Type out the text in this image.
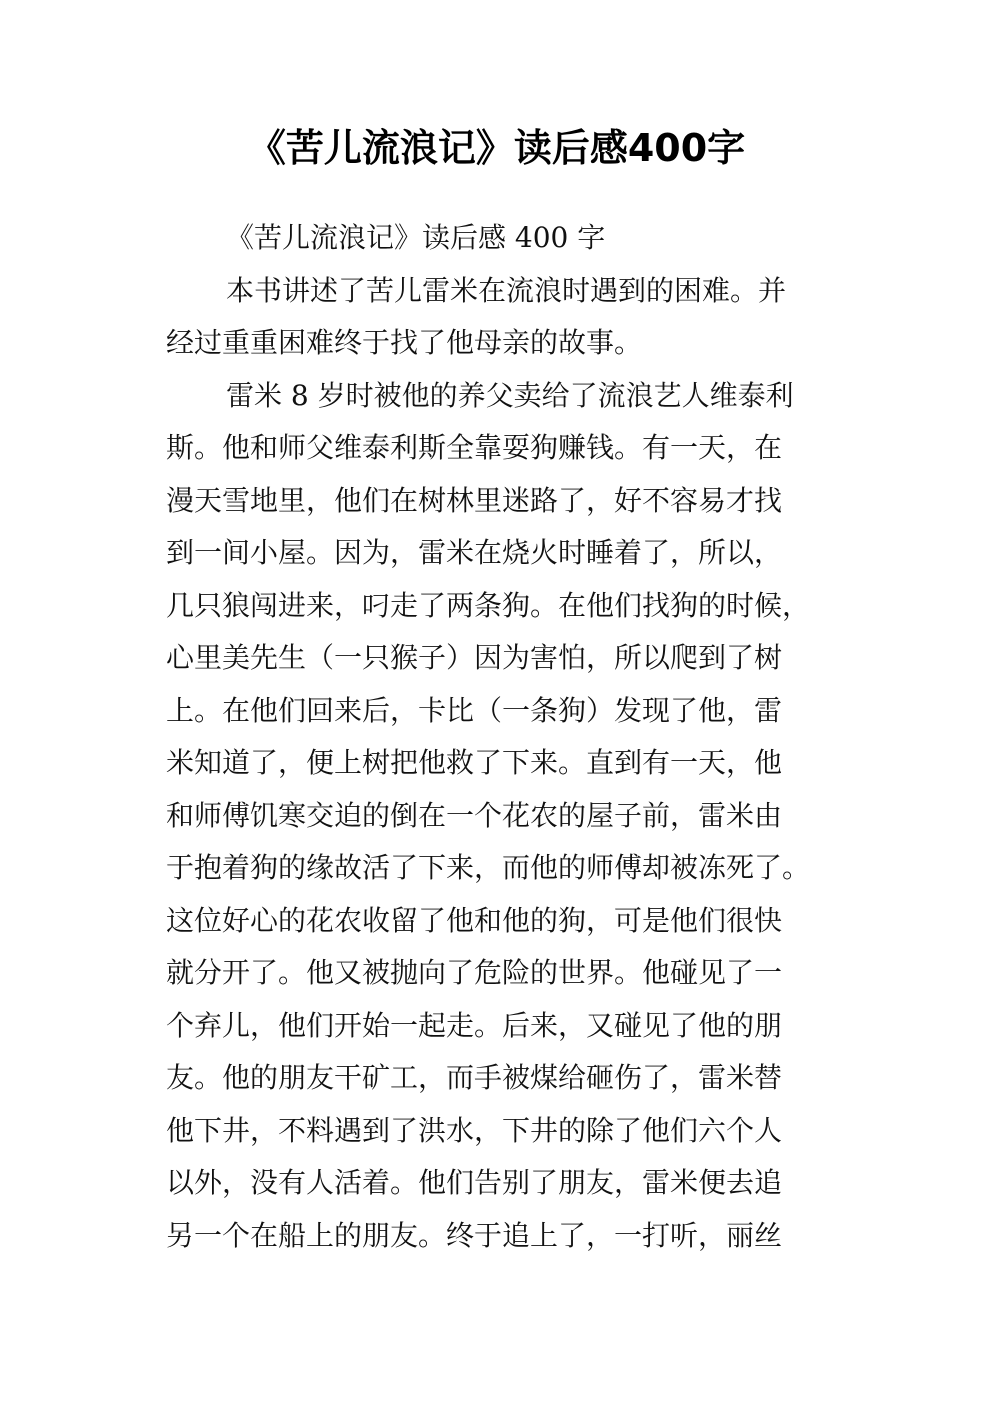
《苦儿流浪记》读后感400字
《苦儿流浪记》读后感 400 字
本书讲述了苦儿雷米在流浪时遇到的困难。并
经过重重困难终于找了他母亲的故事。
雷米 8 岁时被他的养父卖给了流浪艺人维泰利
斯。他和师父维泰利斯全靠耍狗赚钱。有一天，在
漫天雪地里，他们在树林里迷路了，好不容易才找
到一间小屋。因为，雷米在烧火时睡着了，所以，
几只狼闯进来，叼走了两条狗。在他们找狗的时候，
心里美先生（一只猴子）因为害怕，所以爬到了树
上。在他们回来后，卡比（一条狗）发现了他，雷
米知道了，便上树把他救了下来。直到有一天，他
和师傅饥寒交迫的倒在一个花农的屋子前，雷米由
于抱着狗的缘故活了下来，而他的师傅却被冻死了。
这位好心的花农收留了他和他的狗，可是他们很快
就分开了。他又被抛向了危险的世界。他碰见了一
个弃儿，他们开始一起走。后来，又碰见了他的朋
友。他的朋友干矿工，而手被煤给砸伤了，雷米替
他下井，不料遇到了洪水，下井的除了他们六个人
以外，没有人活着。他们告别了朋友，雷米便去追
另一个在船上的朋友。终于追上了，一打听，丽丝
